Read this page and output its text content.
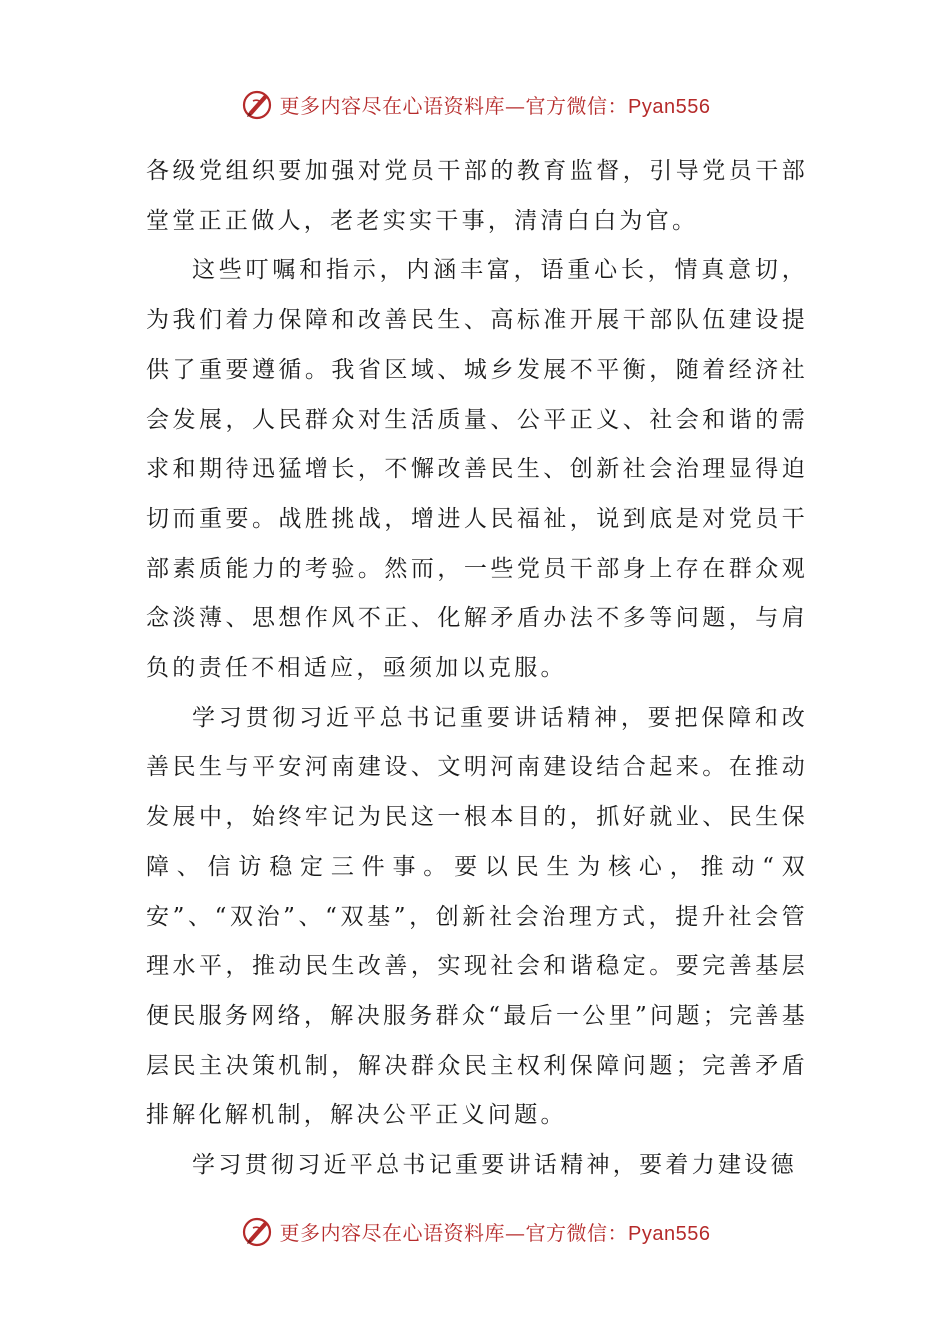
更多内容尽在心语资料库—官方微信：Pyan556

各级党组织要加强对党员干部的教育监督，引导党员干部堂堂正正做人，老老实实干事，清清白白为官。

这些叮嘱和指示，内涵丰富，语重心长，情真意切，为我们着力保障和改善民生、高标准开展干部队伍建设提供了重要遵循。我省区域、城乡发展不平衡，随着经济社会发展，人民群众对生活质量、公平正义、社会和谐的需求和期待迅猛增长，不懈改善民生、创新社会治理显得迫切而重要。战胜挑战，增进人民福祉，说到底是对党员干部素质能力的考验。然而，一些党员干部身上存在群众观念淡薄、思想作风不正、化解矛盾办法不多等问题，与肩负的责任不相适应，亟须加以克服。

学习贯彻习近平总书记重要讲话精神，要把保障和改善民生与平安河南建设、文明河南建设结合起来。在推动发展中，始终牢记为民这一根本目的，抓好就业、民生保障、信访稳定三件事。要以民生为核心，推动“双安”、“双治”、“双基”，创新社会治理方式，提升社会管理水平，推动民生改善，实现社会和谐稳定。要完善基层便民服务网络，解决服务群众“最后一公里”问题；完善基层民主决策机制，解决群众民主权利保障问题；完善矛盾排解化解机制，解决公平正义问题。

学习贯彻习近平总书记重要讲话精神，要着力建设德

更多内容尽在心语资料库—官方微信：Pyan556
